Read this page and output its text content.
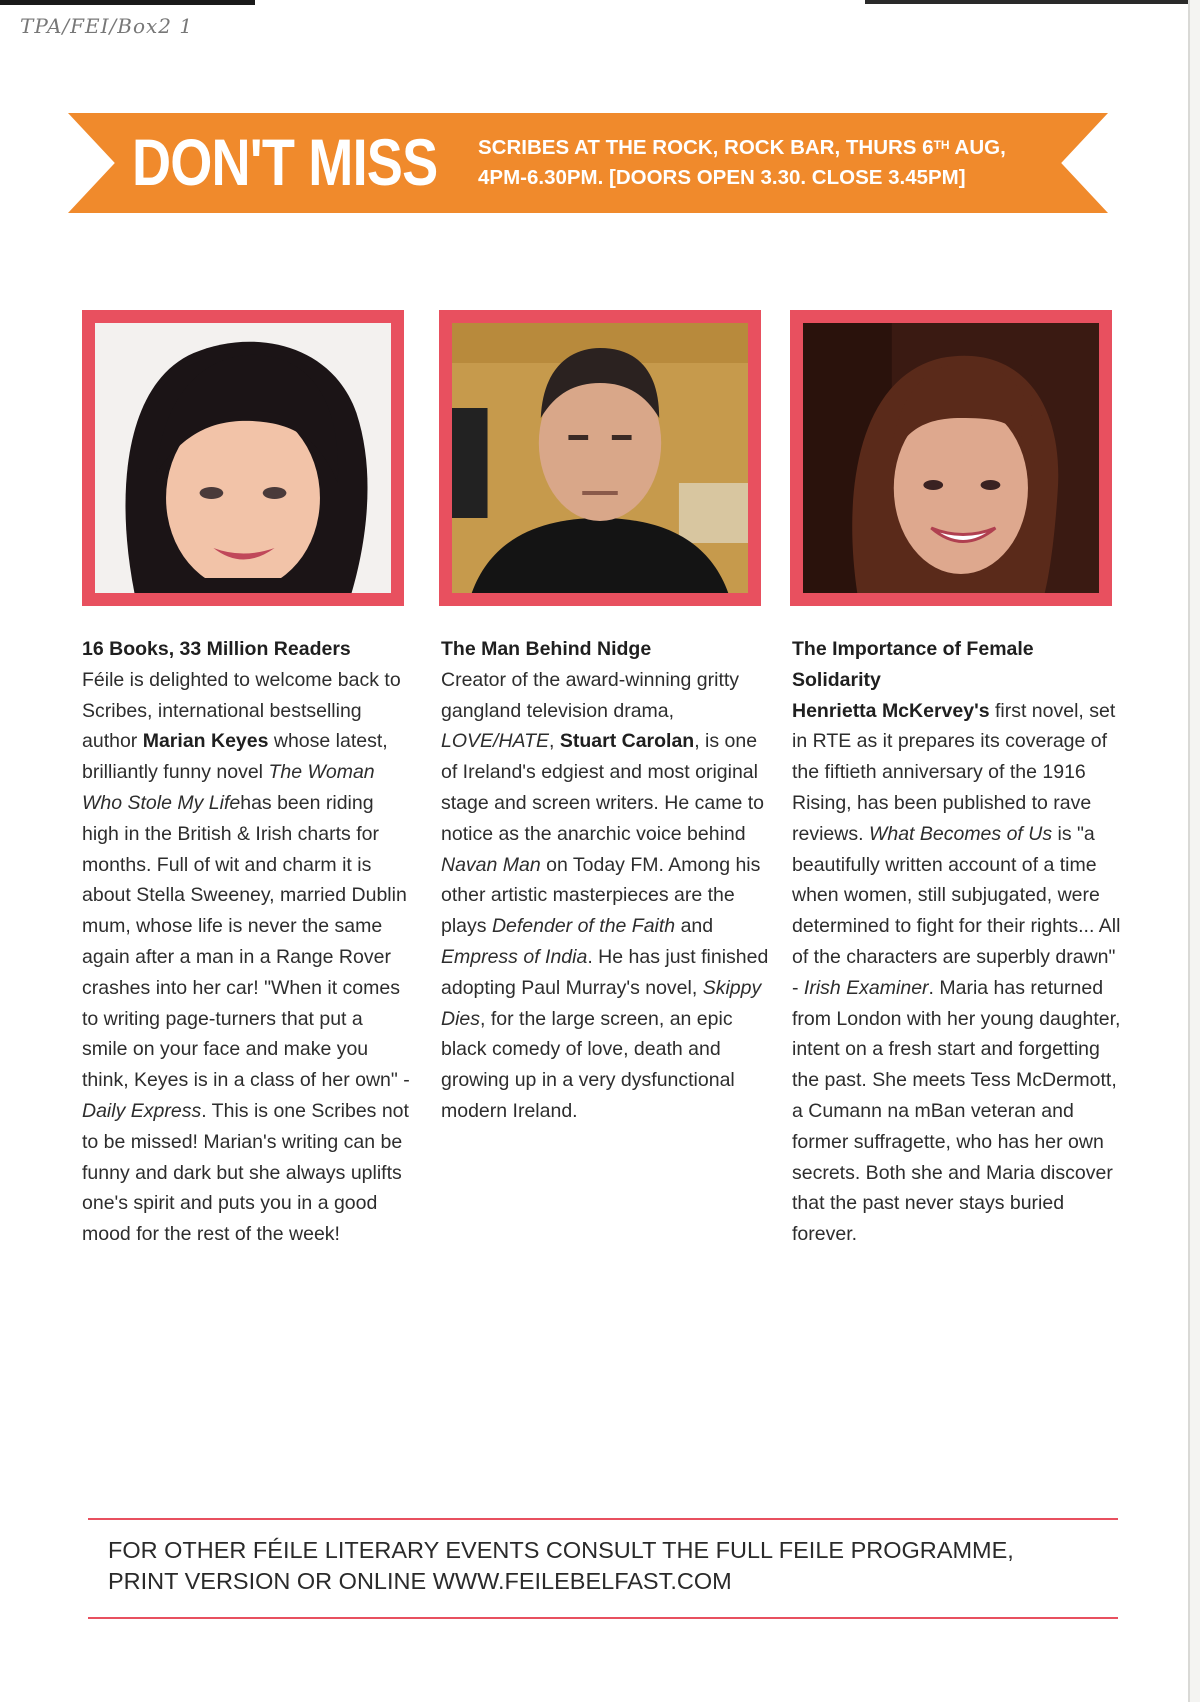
TPA/FEI/Box2 1
DON'T MISS SCRIBES AT THE ROCK, ROCK BAR, THURS 6TH AUG,
4PM-6.30PM. [DOORS OPEN 3.30. CLOSE 3.45PM]
16 Books, 33 Million Readers
Féile is delighted to welcome back to Scribes, international bestselling author Marian Keyes whose latest, brilliantly funny novel The Woman Who Stole My Lifehas been riding high in the British & Irish charts for months. Full of wit and charm it is about Stella Sweeney, married Dublin mum, whose life is never the same again after a man in a Range Rover crashes into her car! "When it comes to writing page-turners that put a smile on your face and make you think, Keyes is in a class of her own" - Daily Express. This is one Scribes not to be missed! Marian's writing can be funny and dark but she always uplifts one's spirit and puts you in a good mood for the rest of the week!
The Man Behind Nidge
Creator of the award-winning gritty gangland television drama, LOVE/HATE, Stuart Carolan, is one of Ireland's edgiest and most original stage and screen writers. He came to notice as the anarchic voice behind Navan Man on Today FM. Among his other artistic masterpieces are the plays Defender of the Faith and Empress of India. He has just finished adopting Paul Murray's novel, Skippy Dies, for the large screen, an epic black comedy of love, death and growing up in a very dysfunctional modern Ireland.
The Importance of Female Solidarity
Henrietta McKervey's first novel, set in RTE as it prepares its coverage of the fiftieth anniversary of the 1916 Rising, has been published to rave reviews. What Becomes of Us is "a beautifully written account of a time when women, still subjugated, were determined to fight for their rights... All of the characters are superbly drawn" - Irish Examiner. Maria has returned from London with her young daughter, intent on a fresh start and forgetting the past. She meets Tess McDermott, a Cumann na mBan veteran and former suffragette, who has her own secrets. Both she and Maria discover that the past never stays buried forever.
FOR OTHER FÉILE LITERARY EVENTS CONSULT THE FULL FEILE PROGRAMME,
PRINT VERSION OR ONLINE WWW.FEILEBELFAST.COM
